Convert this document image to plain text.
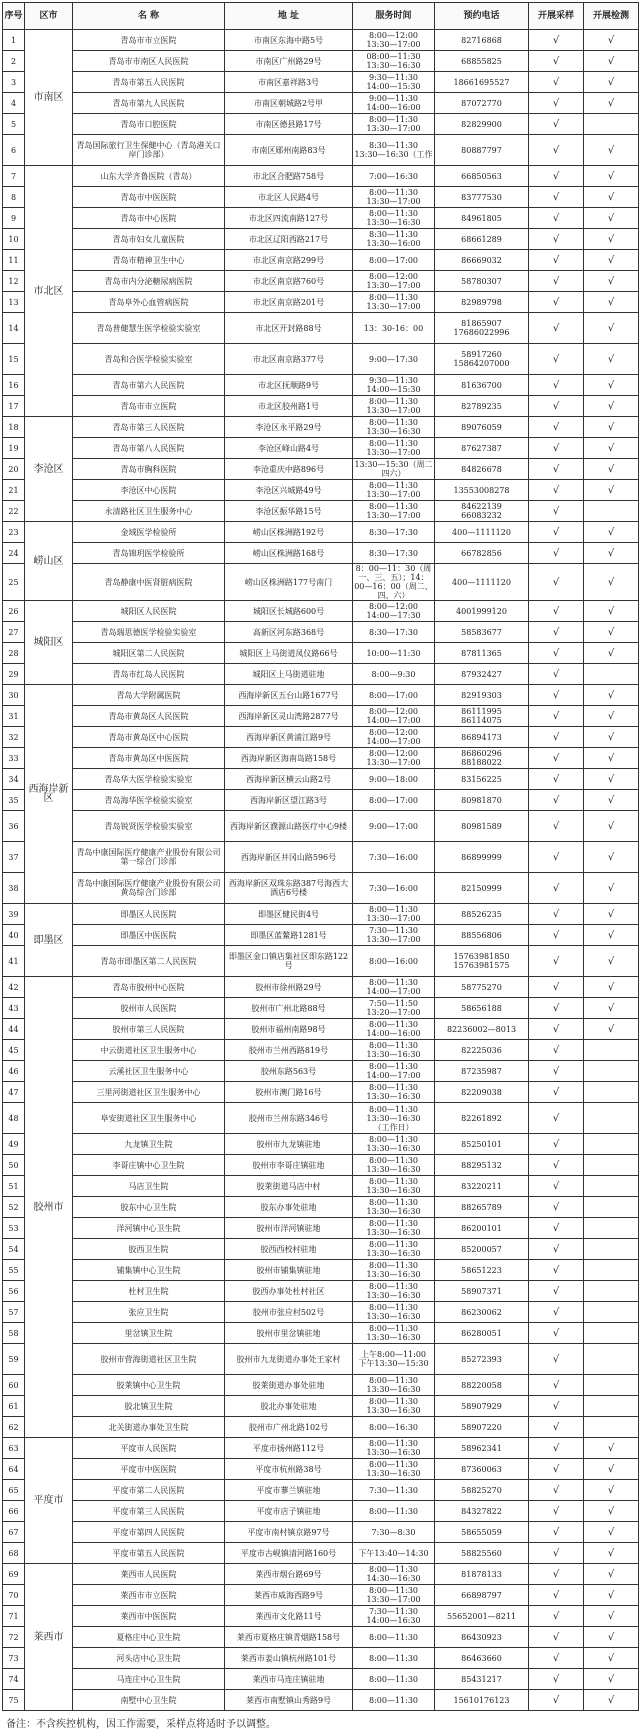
序号	区市	名 称	地 址	服务时间	预约电话	开展采样	开展检测
1	市南区	青岛市市立医院	市南区东海中路5号	8:00—12:00
13:30—17:00	82716868	√	√
2		青岛市市南区人民医院	市南区广州路29号	08:00—11:30
13:30—16:30	68855825	√	√
3		青岛市第五人民医院	市南区嘉祥路3号	9:30—11:30
14:00—15:30	18661695527	√	√
4		青岛市第九人民医院	市南区朝城路2号甲	9:00—11:30
14:00—16:00	87072770	√	√
5		青岛市口腔医院	市南区德县路17号	8:00—11:30
13:30—17:00	82829900	√	
6		青岛国际旅行卫生保健中心（青岛港关口岸门诊部）	市南区郧州南路83号	8:30—11:30
13:30—16:30（工作	80887797	√	√
7	市北区	山东大学齐鲁医院（青岛）	市北区合肥路758号	7:00—16:30	66850563	√	√
8		青岛市中医医院	市北区人民路4号	8:00—11:30
13:30—17:00	83777530	√	√
9		青岛市中心医院	市北区四流南路127号	8:00—11:30
13:30—16:30	84961805	√	√
10		青岛市妇女儿童医院	市北区辽阳西路217号	8:30—11:30
13:30—16:00	68661289	√	√
11		青岛市精神卫生中心	市北区南京路299号	8:00—17:00	86669032	√	√
12		青岛市内分泌糖尿病医院	市北区南京路760号	8:00—12:00
13:30—17:00	58780307	√	√
13		青岛阜外心血管病医院	市北区南京路201号	8:00—11:30
13:30—17:00	82989798	√	√
14		青岛普健慧生医学检验实验室	市北区开封路88号	13：30-16：00	81865907
17686022996	√	√
15		青岛和合医学检验实验室	市北区南京路377号	9:00—17:30	58917260
15864207000	√	√
16		青岛市第六人民医院	市北区抚顺路9号	9:30—11:30
14:00—15:30	81636700	√	√
17		青岛市市立医院	市北区胶州路1号	8:00—11:30
13:30—17:00	82789235	√	√
18	李沧区	青岛市第三人民医院	李沧区永平路29号	8:00—11:30
13:30—16:30	89076059	√	√
19		青岛市第八人民医院	李沧区峰山路4号	8:00—11:30
13:30—17:00	87627387	√	√
20		青岛市胸科医院	李沧重庆中路896号	13:30—15:30（周二四六）	84826678	√	√
21		李沧区中心医院	李沧区兴城路49号	8:00—11:30
13:30—17:00	13553008278	√	√
22		永清路社区卫生服务中心	李沧区振华路15号	8:00—11:30
13:30—17:00	84622139
66083232	√	
23	崂山区	金域医学检验所	崂山区株洲路192号	8:30—17:30	400—1111120	√	√
24		青岛锦玥医学检验所	崂山区株洲路168号	8:30—17:30	66782856	√	√
25		青岛静康中医肾脏病医院	崂山区株洲路177号南门	8：00—11：30（周一、三、五）；14：00—16：00（周二、四、六）	400—1111120	√	√
26	城阳区	城阳区人民医院	城阳区长城路600号	8:00—12:00
14:00—17:30	4001999120	√	√
27		青岛瑞思德医学检验实验室	高新区河东路368号	8:30—17:30	58583677	√	√
28		城阳区第二人民医院	城阳区上马街道凤仪路66号	10:00—11:30	87811365	√	√
29		青岛市红岛人民医院	城阳区上马街道驻地	8:00—9:30	87932427	√	
30	西海岸新区	青岛大学附属医院	西海岸新区五台山路1677号	8:00—17:00	82919303	√	√
31		青岛市黄岛区人民医院	西海岸新区灵山湾路2877号	8:00—12:00
14:00—17:00	86111995
86114075	√	√
32		青岛市黄岛区中心医院	西海岸新区黄浦江路9号	8:00—12:00
14:00—17:00	86894173	√	√
33		青岛市黄岛区中医医院	西海岸新区海南岛路158号	8:00—12:00
13:30—17:00	86860296
88188022	√	√
34		青岛华大医学检验实验室	西海岸新区横云山路2号	9:00—18:00	83156225	√	√
35		青岛海华医学检验实验室	西海岸新区望江路3号	8:00—17:00	80981870	√	√
36		青岛锐贤医学检验实验室	西海岸新区濮源山路医疗中心9楼	9:00—17:00	80981589	√	√
37		青岛中康国际医疗健康产业股份有限公司第一综合门诊部	西海岸新区井冈山路596号	7:30—16:00	86899999	√	√
38		青岛中康国际医疗健康产业股份有限公司黄岛综合门诊部	西海岸新区双珠东路387号海西大酒店6号楼	7:30—16:00	82150999	√	√
39	即墨区	即墨区人民医院	即墨区健民街4号	8:00—11:30
13:30—17:00	88526235	√	√
40		即墨区中医医院	即墨区蓝鳌路1281号	7:30—11:30
13:30—17:00	88556806	√	√
41		青岛市即墨区第二人民医院	即墨区金口镇店集社区即东路122号	8:00—16:00	15763981850
15763981575	√	√
42	胶州市	青岛市胶州中心医院	胶州市徐州路29号	8:00—11:30
14:00—17:00	58775270	√	√
43		胶州市人民医院	胶州市广州北路88号	7:50—11:50
13:20—17:00	58656188	√	√
44		胶州市第三人民医院	胶州市福州南路98号	8:00—11:30
14:00—16:00	82236002—8013	√	√
45		中云街道社区卫生服务中心	胶州市兰州西路819号	8:00—11:30
13:30—16:30	82225036	√	
46		云溪社区卫生服务中心	胶州东路563号	8:00—11:30
14:00—17:00	87235987	√	
47		三里河街道社区卫生服务中心	胶州市澳门路16号	8:00—11:30
13:30—16:30	82209038	√	
48		阜安街道社区卫生服务中心	胶州市兰州东路346号	8:00—11:30
13:30—16:30
（工作日）	82261892	√	
49		九龙镇卫生院	胶州市九龙镇驻地	8:00—11:30
13:30—16:30	85250101	√	
50		李哥庄镇中心卫生院	胶州市李哥庄镇驻地	8:00—11:30
13:30—16:30	88295132	√	
51		马店卫生院	胶莱街道马店中村	8:00—11:30
13:30—16:30	83220211	√	
52		胶东中心卫生院	胶东办事处驻地	8:00—11:30
13:30—16:30	88265789	√	
53		洋河镇中心卫生院	胶州市洋河镇驻地	8:00—11:30
13:30—16:30	86200101	√	
54		胶西卫生院	胶西西校村驻地	8:00—11:30
13:30—16:30	85200057	√	
55		铺集镇中心卫生院	胶州市铺集镇驻地	8:00—11:30
13:30—16:30	58651223	√	
56		杜村卫生院	胶西办事处杜村社区	8:00—11:30
13:30—16:30	58907371	√	
57		张应卫生院	胶州市张应村502号	8:00—11:30
13:30—16:30	86230062	√	
58		里岔镇卫生院	胶州市里岔镇驻地	8:00—11:30
13:30—16:30	86280051	√	
59		胶州市营海街道社区卫生院	胶州市九龙街道办事处王家村	上午8:00—11:00
下午13:30—15:30	85272393	√	
60		胶莱镇中心卫生院	胶莱街道办事处驻地	8:00—11:30
13:30—16:30	88220058	√	
61		胶北镇卫生院	胶北办事处驻地	8:00—11:30
13:30—16:30	58907929	√	
62		北关街道办事处卫生院	胶州市广州北路102号	8:00—16:30	58907220	√	
63	平度市	平度市人民医院	平度市扬州路112号	8:00—11:30
13:30—16:30	58962341	√	√
64		平度市中医医院	平度市杭州路38号	8:00—11:30
13:30—16:30	87360063	√	√
65		平度市第二人民医院	平度市蓼兰镇驻地	7:30—11:30	58825270	√	√
66		平度市第三人民医院	平度市店子镇驻地	8:00—11:30	84327822	√	√
67		平度市第四人民医院	平度市南村镇京路97号	7:30—8:30	58655059	√	√
68		平度市第五人民医院	平度市古岘镇清河路160号	下午13:40—14:30	58825560	√	√
69	莱西市	莱西市人民医院	莱西市烟台路69号	8:00—11:30
14:30—16:30	81878133	√	√
70		莱西市市立医院	莱西市威海西路9号	8:00—11:30
13:30—17:00	66898797	√	√
71		莱西市中医医院	莱西市文化路11号	7:30—11:30
14:00—16:30	55652001—8211	√	√
72		夏格庄中心卫生院	莱西市夏格庄镇青烟路158号	8:00—11:30	86430923	√	√
73		河头店中心卫生院	莱西市姜山镇杭州路101号	8:00—11:30	86463660	√	√
74		马连庄中心卫生院	莱西市马连庄镇驻地	8:00—11:30	85431217	√	√
75		南墅中心卫生院	莱西市南墅镇山秀路9号	8:00—11:30	15610176123	√	√
备注：不含疾控机构，因工作需要，采样点将适时予以调整。
